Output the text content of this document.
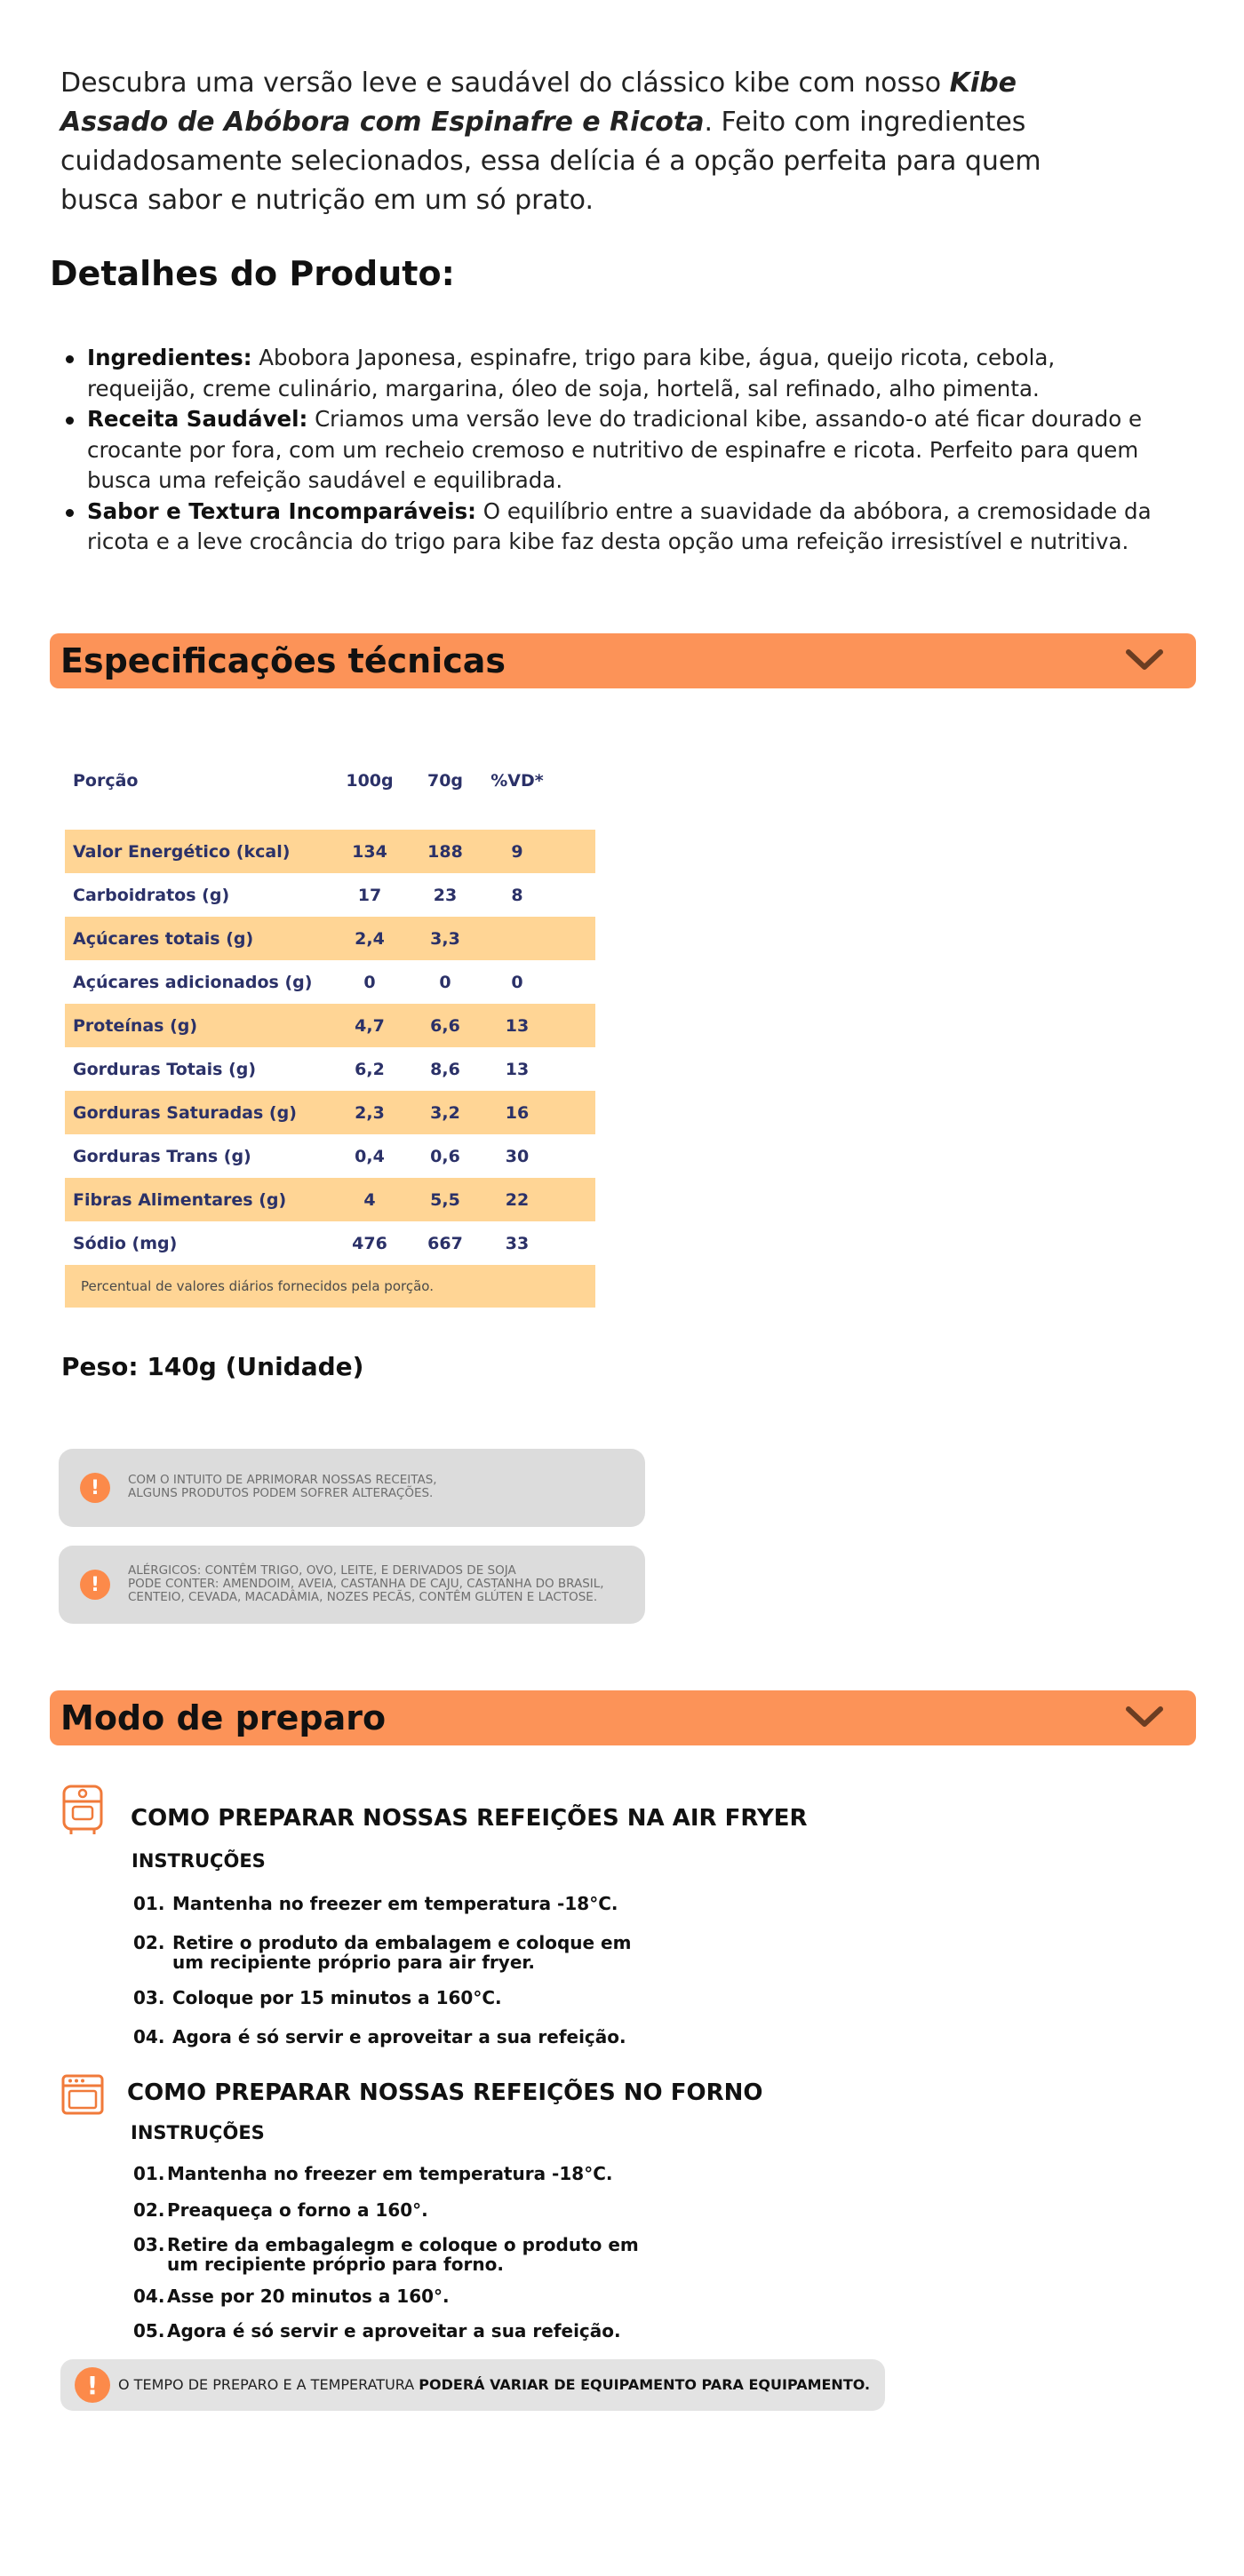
Descubra uma versão leve e saudável do clássico kibe com nosso Kibe Assado de Abóbora com Espinafre e Ricota. Feito com ingredientes cuidadosamente selecionados, essa delícia é a opção perfeita para quem busca sabor e nutrição em um só prato.

Detalhes do Produto:
Ingredientes: Abobora Japonesa, espinafre, trigo para kibe, água, queijo ricota, cebola, requeijão, creme culinário, margarina, óleo de soja, hortelã, sal refinado, alho pimenta.
Receita Saudável: Criamos uma versão leve do tradicional kibe, assando-o até ficar dourado e crocante por fora, com um recheio cremoso e nutritivo de espinafre e ricota. Perfeito para quem busca uma refeição saudável e equilibrada.
Sabor e Textura Incomparáveis: O equilíbrio entre a suavidade da abóbora, a cremosidade da ricota e a leve crocância do trigo para kibe faz desta opção uma refeição irresistível e nutritiva.
Especificações técnicas
Porção	100g	70g	%VD*
Valor Energético (kcal)	134	188	9
Carboidratos (g)	17	23	8
Açúcares totais (g)	2,4	3,3
Açúcares adicionados (g)	0	0	0
Proteínas (g)	4,7	6,6	13
Gorduras Totais (g)	6,2	8,6	13
Gorduras Saturadas (g)	2,3	3,2	16
Gorduras Trans (g)	0,4	0,6	30
Fibras Alimentares (g)	4	5,5	22
Sódio (mg)	476	667	33
Percentual de valores diários fornecidos pela porção.
Peso: 140g (Unidade)
!	COM O INTUITO DE APRIMORAR NOSSAS RECEITAS,
ALGUNS PRODUTOS PODEM SOFRER ALTERAÇÕES.
!
ALÉRGICOS: CONTÊM TRIGO, OVO, LEITE, E DERIVADOS DE SOJA
PODE CONTER: AMENDOIM, AVEIA, CASTANHA DE CAJU, CASTANHA DO BRASIL,
CENTEIO, CEVADA, MACADÂMIA, NOZES PECÃS, CONTÊM GLÚTEN E LACTOSE.
Modo de preparo
COMO PREPARAR NOSSAS REFEIÇÕES NA AIR FRYER
INSTRUÇÕES
01. Mantenha no freezer em temperatura -18°C.
02. Retire o produto da embalagem e coloque em
um recipiente próprio para air fryer.
03. Coloque por 15 minutos a 160°C.
04. Agora é só servir e aproveitar a sua refeição.
COMO PREPARAR NOSSAS REFEIÇÕES NO FORNO
INSTRUÇÕES
01. Mantenha no freezer em temperatura -18°C.
02. Preaqueça o forno a 160°.
03. Retire da embagalegm e coloque o produto em
um recipiente próprio para forno.
04. Asse por 20 minutos a 160°.
05. Agora é só servir e aproveitar a sua refeição.
!	O TEMPO DE PREPARO E A TEMPERATURA PODERÁ VARIAR DE EQUIPAMENTO PARA EQUIPAMENTO.
